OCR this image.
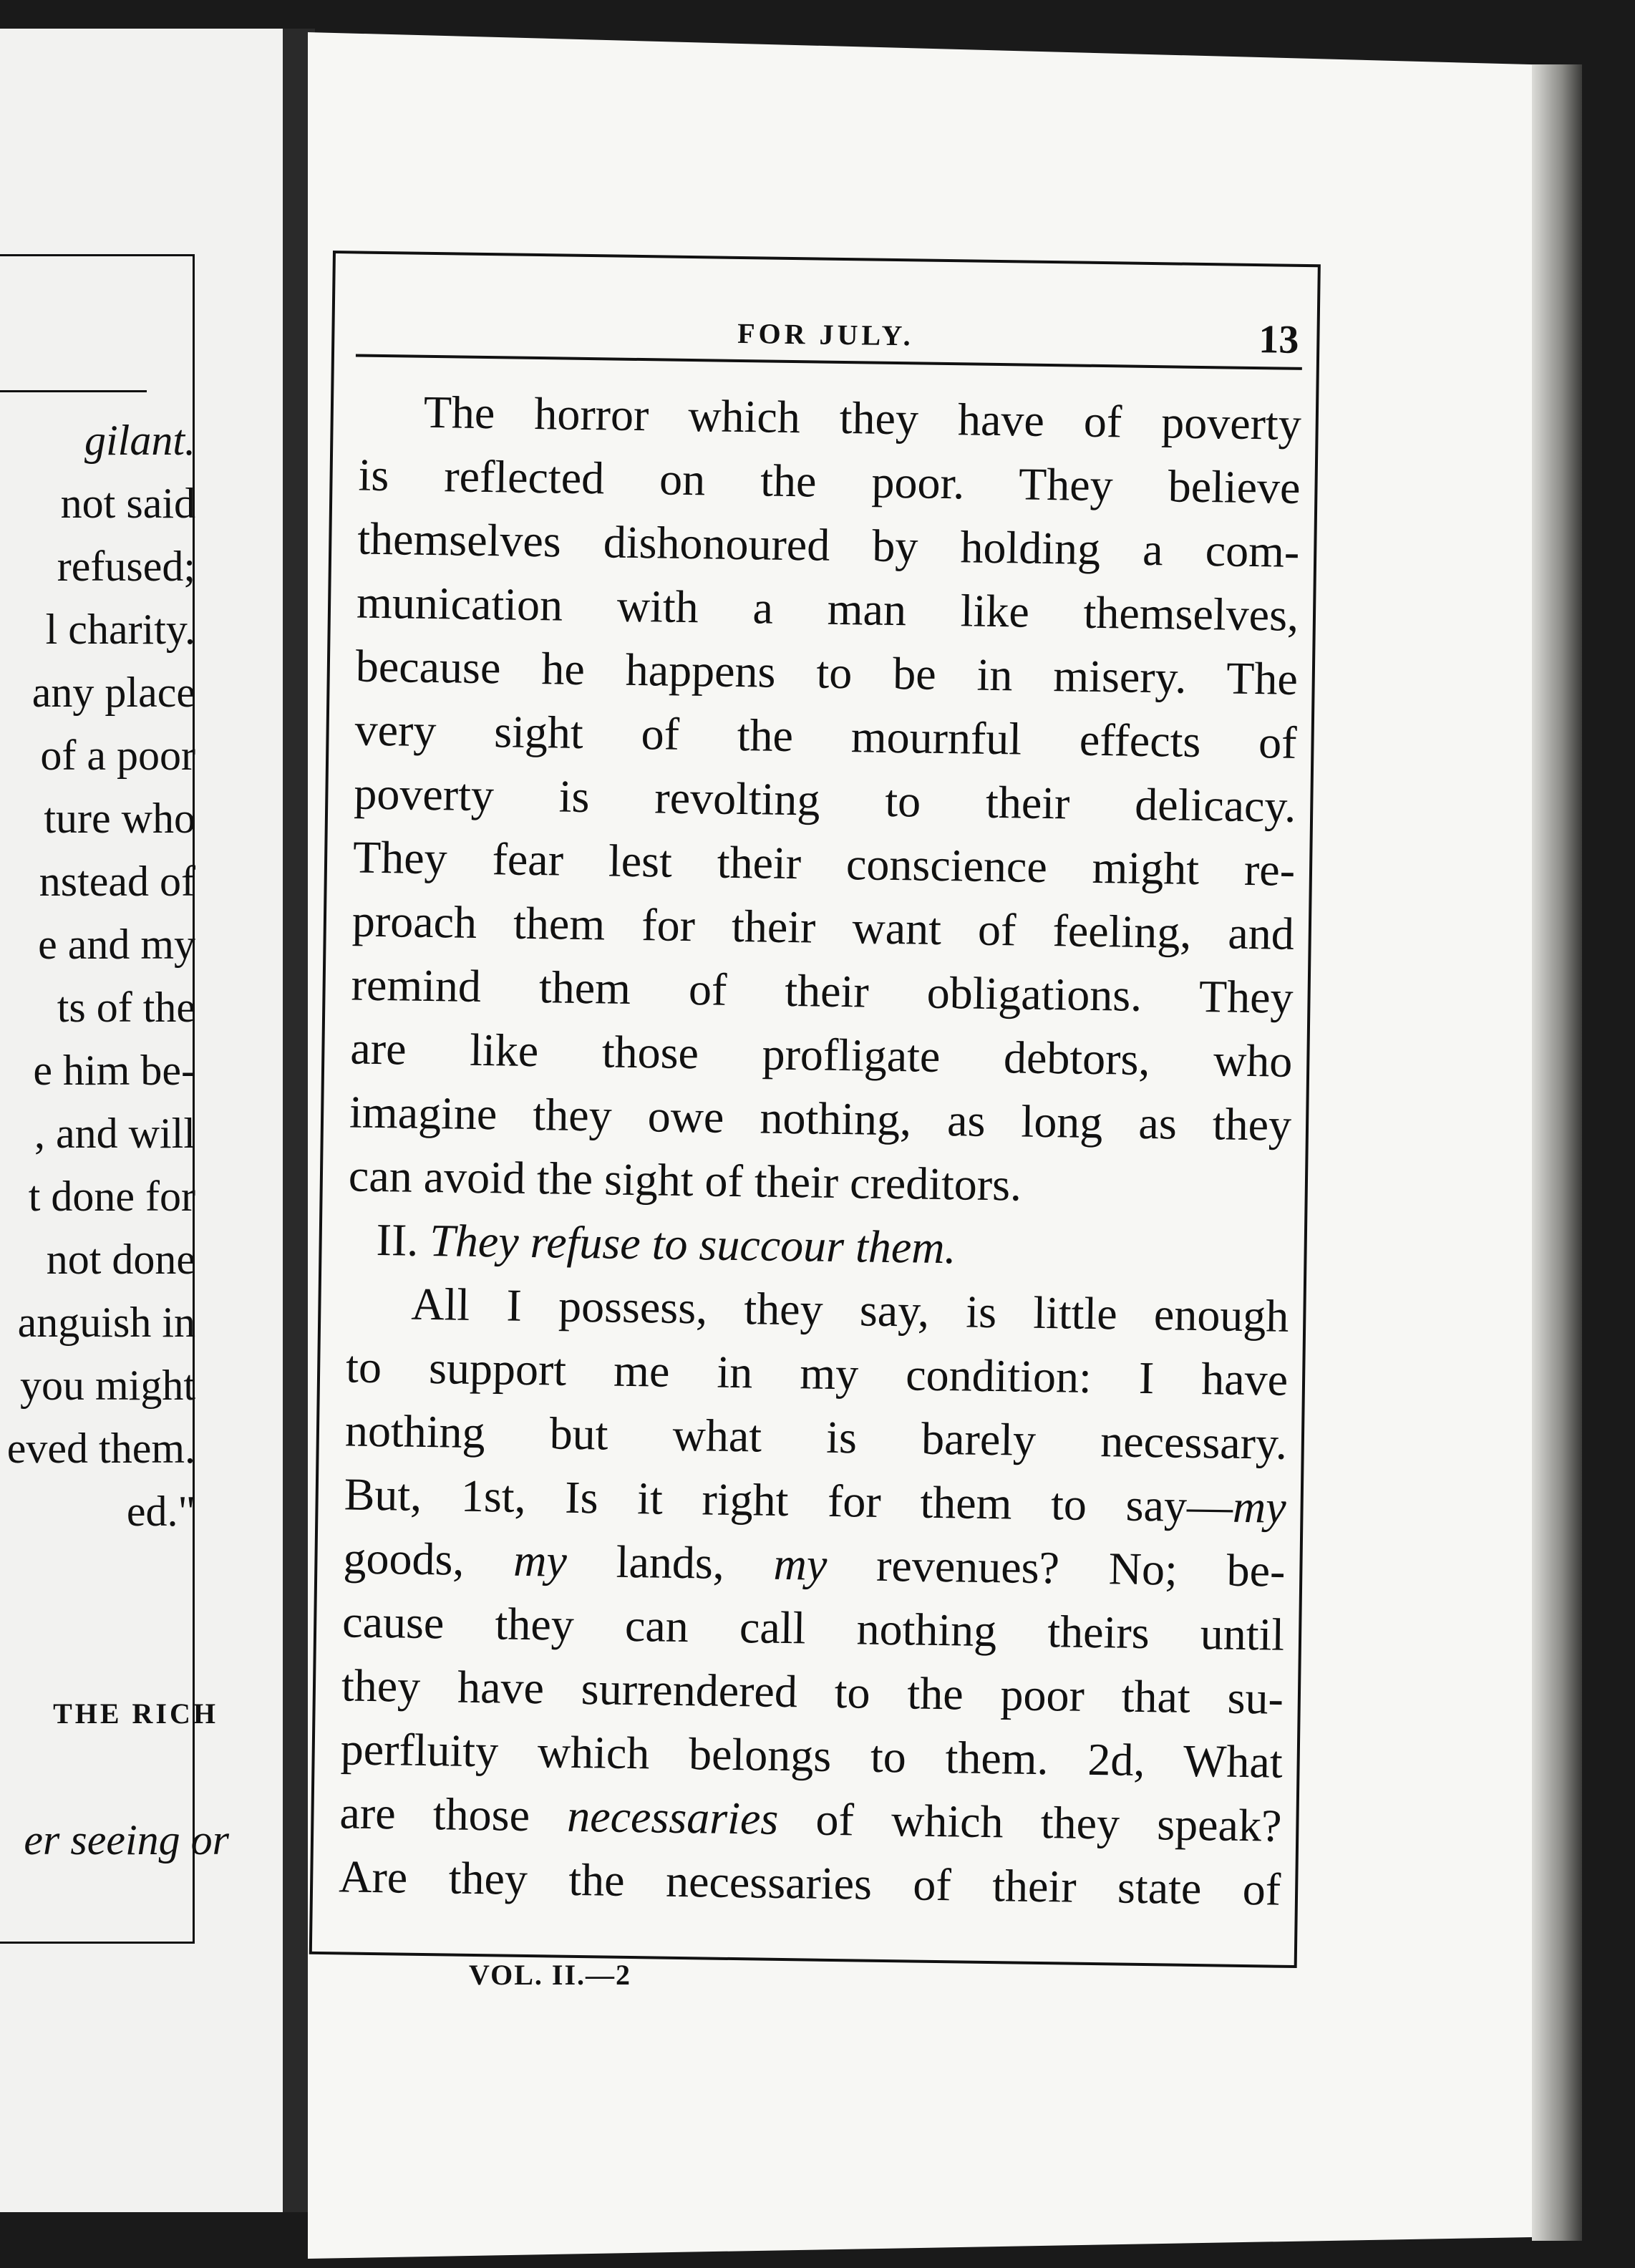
gilant.
not said
refused;
l charity.
any place
of a poor
ture who
nstead of
e and my
ts of the
e him be-
, and will
t done for
not done
anguish in
you might
eved them.
ed."
THE RICH
er seeing or
FOR JULY.	13
The horror which they have of poverty
is reflected on the poor. They believe
themselves dishonoured by holding a com-
munication with a man like themselves,
because he happens to be in misery. The
very sight of the mournful effects of
poverty is revolting to their delicacy.
They fear lest their conscience might re-
proach them for their want of feeling, and
remind them of their obligations. They
are like those profligate debtors, who
imagine they owe nothing, as long as they
can avoid the sight of their creditors.
II. They refuse to succour them.
All I possess, they say, is little enough
to support me in my condition: I have
nothing but what is barely necessary.
But, 1st, Is it right for them to say—my
goods, my lands, my revenues? No; be-
cause they can call nothing theirs until
they have surrendered to the poor that su-
perfluity which belongs to them. 2d, What
are those necessaries of which they speak?
Are they the necessaries of their state of
VOL. II.—2
